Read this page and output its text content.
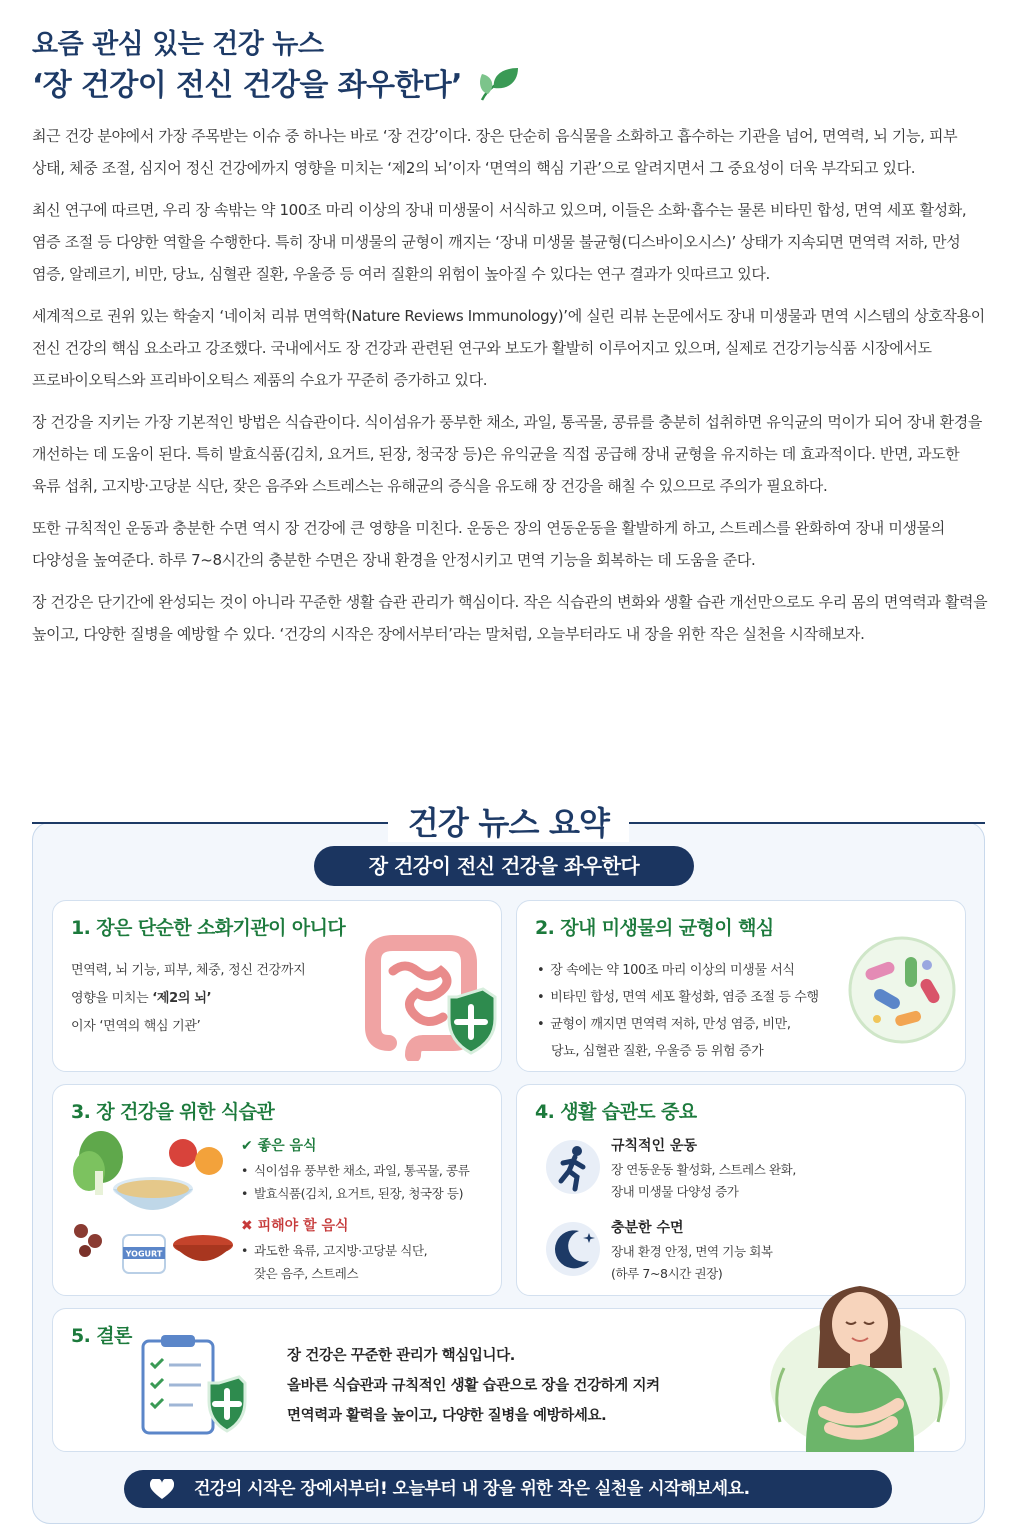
요즘 관심 있는 건강 뉴스
‘장 건강이 전신 건강을 좌우한다’

최근 건강 분야에서 가장 주목받는 이슈 중 하나는 바로 ‘장 건강’이다. 장은 단순히 음식물을 소화하고 흡수하는 기관을 넘어, 면역력, 뇌 기능, 피부 상태, 체중 조절, 심지어 정신 건강에까지 영향을 미치는 ‘제2의 뇌’이자 ‘면역의 핵심 기관’으로 알려지면서 그 중요성이 더욱 부각되고 있다.

최신 연구에 따르면, 우리 장 속밖는 약 100조 마리 이상의 장내 미생물이 서식하고 있으며, 이들은 소화·흡수는 물론 비타민 합성, 면역 세포 활성화, 염증 조절 등 다양한 역할을 수행한다. 특히 장내 미생물의 균형이 깨지는 ‘장내 미생물 불균형(디스바이오시스)’ 상태가 지속되면 면역력 저하, 만성 염증, 알레르기, 비만, 당뇨, 심혈관 질환, 우울증 등 여러 질환의 위험이 높아질 수 있다는 연구 결과가 잇따르고 있다.

세계적으로 권위 있는 학술지 ‘네이처 리뷰 면역학(Nature Reviews Immunology)’에 실린 리뷰 논문에서도 장내 미생물과 면역 시스템의 상호작용이 전신 건강의 핵심 요소라고 강조했다. 국내에서도 장 건강과 관련된 연구와 보도가 활발히 이루어지고 있으며, 실제로 건강기능식품 시장에서도 프로바이오틱스와 프리바이오틱스 제품의 수요가 꾸준히 증가하고 있다.

장 건강을 지키는 가장 기본적인 방법은 식습관이다. 식이섬유가 풍부한 채소, 과일, 통곡물, 콩류를 충분히 섭취하면 유익균의 먹이가 되어 장내 환경을 개선하는 데 도움이 된다. 특히 발효식품(김치, 요거트, 된장, 청국장 등)은 유익균을 직접 공급해 장내 균형을 유지하는 데 효과적이다. 반면, 과도한 육류 섭취, 고지방·고당분 식단, 잦은 음주와 스트레스는 유해균의 증식을 유도해 장 건강을 해칠 수 있으므로 주의가 필요하다.

또한 규칙적인 운동과 충분한 수면 역시 장 건강에 큰 영향을 미친다. 운동은 장의 연동운동을 활발하게 하고, 스트레스를 완화하여 장내 미생물의 다양성을 높여준다. 하루 7~8시간의 충분한 수면은 장내 환경을 안정시키고 면역 기능을 회복하는 데 도움을 준다.

장 건강은 단기간에 완성되는 것이 아니라 꾸준한 생활 습관 관리가 핵심이다. 작은 식습관의 변화와 생활 습관 개선만으로도 우리 몸의 면역력과 활력을 높이고, 다양한 질병을 예방할 수 있다. ‘건강의 시작은 장에서부터’라는 말처럼, 오늘부터라도 내 장을 위한 작은 실천을 시작해보자.

건강 뉴스 요약
장 건강이 전신 건강을 좌우한다
1. 장은 단순한 소화기관이 아니다
면역력, 뇌 기능, 피부, 체중, 정신 건강까지
영향을 미치는 ‘제2의 뇌’
이자 ‘면역의 핵심 기관’
2. 장내 미생물의 균형이 핵심
• 장 속에는 약 100조 마리 이상의 미생물 서식
• 비타민 합성, 면역 세포 활성화, 염증 조절 등 수행
• 균형이 깨지면 면역력 저하, 만성 염증, 비만,
당뇨, 심혈관 질환, 우울증 등 위험 증가
3. 장 건강을 위한 식습관
YOGURT
✔ 좋은 음식
• 식이섬유 풍부한 채소, 과일, 통곡물, 콩류
• 발효식품(김치, 요거트, 된장, 청국장 등)
✖ 피해야 할 음식
• 과도한 육류, 고지방·고당분 식단,
잦은 음주, 스트레스
4. 생활 습관도 중요
규칙적인 운동
장 연동운동 활성화, 스트레스 완화,
장내 미생물 다양성 증가
충분한 수면
장내 환경 안정, 면역 기능 회복
(하루 7~8시간 권장)
5. 결론
장 건강은 꾸준한 관리가 핵심입니다.
올바른 식습관과 규칙적인 생활 습관으로 장을 건강하게 지켜
면역력과 활력을 높이고, 다양한 질병을 예방하세요.
건강의 시작은 장에서부터! 오늘부터 내 장을 위한 작은 실천을 시작해보세요.
